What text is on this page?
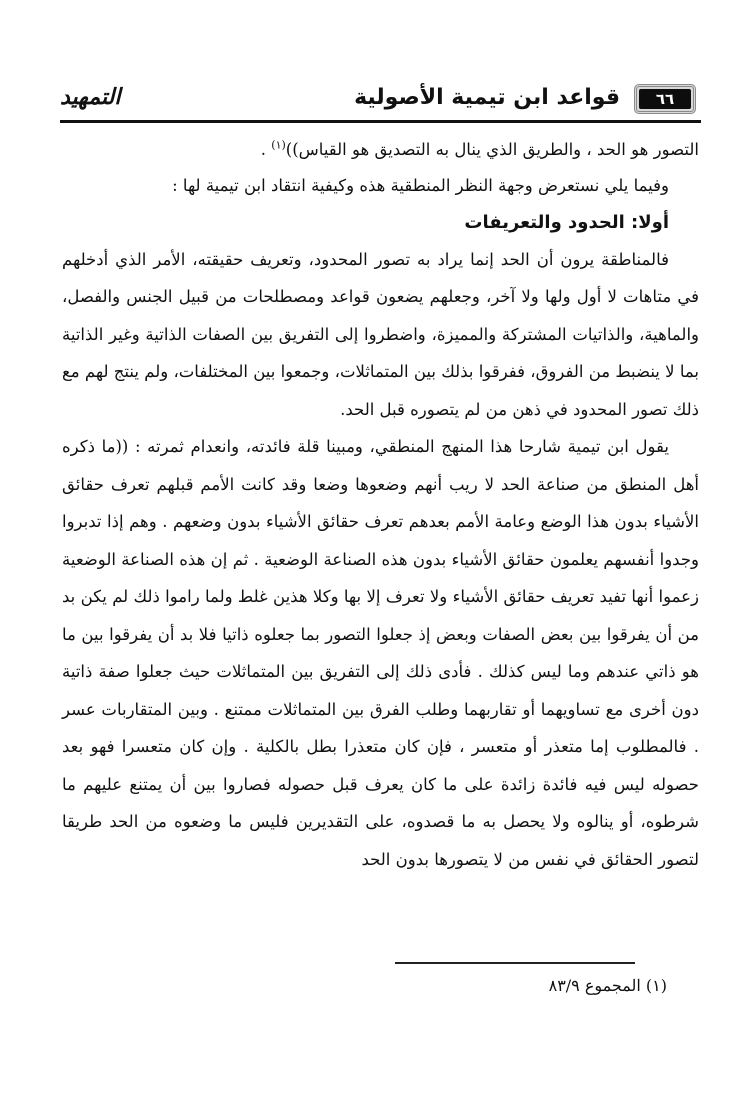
٦٦
قواعد ابن تيمية الأصولية
التمهيد

التصور هو الحد ، والطريق الذي ينال به التصديق هو القياس))$^{(١)}$ .

وفيما يلي نستعرض وجهة النظر المنطقية هذه وكيفية انتقاد ابن تيمية لها :

أولا: الحدود والتعريفات

فالمناطقة يرون أن الحد إنما يراد به تصور المحدود، وتعريف حقيقته، الأمر الذي أدخلهم في متاهات لا أول ولها ولا آخر، وجعلهم يضعون قواعد ومصطلحات من قبيل الجنس والفصل، والماهية، والذاتيات المشتركة والمميزة، واضطروا إلى التفريق بين الصفات الذاتية وغير الذاتية بما لا ينضبط من الفروق، ففرقوا بذلك بين المتماثلات، وجمعوا بين المختلفات، ولم ينتج لهم مع ذلك تصور المحدود في ذهن من لم يتصوره قبل الحد.

يقول ابن تيمية شارحا هذا المنهج المنطقي، ومبينا قلة فائدته، وانعدام ثمرته : ((ما ذكره أهل المنطق من صناعة الحد لا ريب أنهم وضعوها وضعا وقد كانت الأمم قبلهم تعرف حقائق الأشياء بدون هذا الوضع وعامة الأمم بعدهم تعرف حقائق الأشياء بدون وضعهم . وهم إذا تدبروا وجدوا أنفسهم يعلمون حقائق الأشياء بدون هذه الصناعة الوضعية . ثم إن هذه الصناعة الوضعية زعموا أنها تفيد تعريف حقائق الأشياء ولا تعرف إلا بها وكلا هذين غلط ولما راموا ذلك لم يكن بد من أن يفرقوا بين بعض الصفات وبعض إذ جعلوا التصور بما جعلوه ذاتيا فلا بد أن يفرقوا بين ما هو ذاتي عندهم وما ليس كذلك . فأدى ذلك إلى التفريق بين المتماثلات حيث جعلوا صفة ذاتية دون أخرى مع تساويهما أو تقاربهما وطلب الفرق بين المتماثلات ممتنع . وبين المتقاربات عسر . فالمطلوب إما متعذر أو متعسر ، فإن كان متعذرا بطل بالكلية . وإن كان متعسرا فهو بعد حصوله ليس فيه فائدة زائدة على ما كان يعرف قبل حصوله فصاروا بين أن يمتنع عليهم ما شرطوه، أو ينالوه ولا يحصل به ما قصدوه، على التقديرين فليس ما وضعوه من الحد طريقا لتصور الحقائق في نفس من لا يتصورها بدون الحد

(١) المجموع ٨٣/٩
